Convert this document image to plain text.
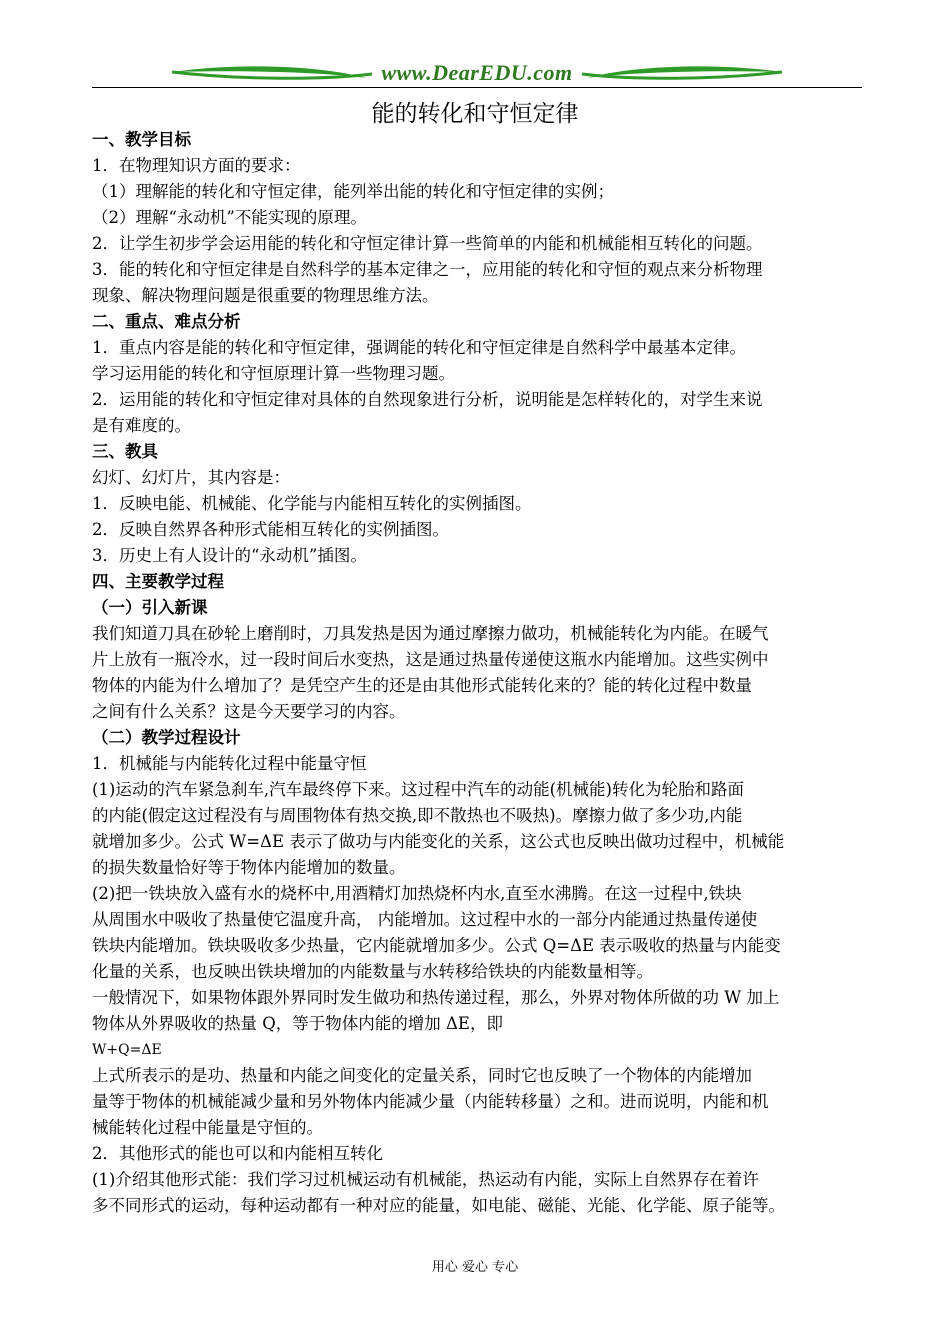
www.DearEDU.com
能的转化和守恒定律
一、教学目标
1．在物理知识方面的要求：
（1）理解能的转化和守恒定律，能列举出能的转化和守恒定律的实例；
（2）理解“永动机”不能实现的原理。
2．让学生初步学会运用能的转化和守恒定律计算一些简单的内能和机械能相互转化的问题。
3．能的转化和守恒定律是自然科学的基本定律之一，应用能的转化和守恒的观点来分析物理
现象、解决物理问题是很重要的物理思维方法。
二、重点、难点分析
1．重点内容是能的转化和守恒定律，强调能的转化和守恒定律是自然科学中最基本定律。
学习运用能的转化和守恒原理计算一些物理习题。
2．运用能的转化和守恒定律对具体的自然现象进行分析，说明能是怎样转化的，对学生来说
是有难度的。
三、教具
幻灯、幻灯片，其内容是：
1．反映电能、机械能、化学能与内能相互转化的实例插图。
2．反映自然界各种形式能相互转化的实例插图。
3．历史上有人设计的“永动机”插图。
四、主要教学过程
（一）引入新课
我们知道刀具在砂轮上磨削时，刀具发热是因为通过摩擦力做功，机械能转化为内能。在暖气
片上放有一瓶冷水，过一段时间后水变热，这是通过热量传递使这瓶水内能增加。这些实例中
物体的内能为什么增加了？是凭空产生的还是由其他形式能转化来的？能的转化过程中数量
之间有什么关系？这是今天要学习的内容。
（二）教学过程设计
1．机械能与内能转化过程中能量守恒
(1)运动的汽车紧急刹车,汽车最终停下来。这过程中汽车的动能(机械能)转化为轮胎和路面
的内能(假定这过程没有与周围物体有热交换,即不散热也不吸热)。摩擦力做了多少功,内能
就增加多少。公式 W=ΔE 表示了做功与内能变化的关系，这公式也反映出做功过程中，机械能
的损失数量恰好等于物体内能增加的数量。
(2)把一铁块放入盛有水的烧杯中,用酒精灯加热烧杯内水,直至水沸腾。在这一过程中,铁块
从周围水中吸收了热量使它温度升高， 内能增加。这过程中水的一部分内能通过热量传递使
铁块内能增加。铁块吸收多少热量，它内能就增加多少。公式 Q=ΔE 表示吸收的热量与内能变
化量的关系，也反映出铁块增加的内能数量与水转移给铁块的内能数量相等。
一般情况下，如果物体跟外界同时发生做功和热传递过程，那么，外界对物体所做的功 W 加上
物体从外界吸收的热量 Q，等于物体内能的增加 ΔE，即
W+Q=ΔE
上式所表示的是功、热量和内能之间变化的定量关系，同时它也反映了一个物体的内能增加
量等于物体的机械能减少量和另外物体内能减少量（内能转移量）之和。进而说明，内能和机
械能转化过程中能量是守恒的。
2．其他形式的能也可以和内能相互转化
(1)介绍其他形式能：我们学习过机械运动有机械能，热运动有内能，实际上自然界存在着许
多不同形式的运动，每种运动都有一种对应的能量，如电能、磁能、光能、化学能、原子能等。
用心 爱心 专心
